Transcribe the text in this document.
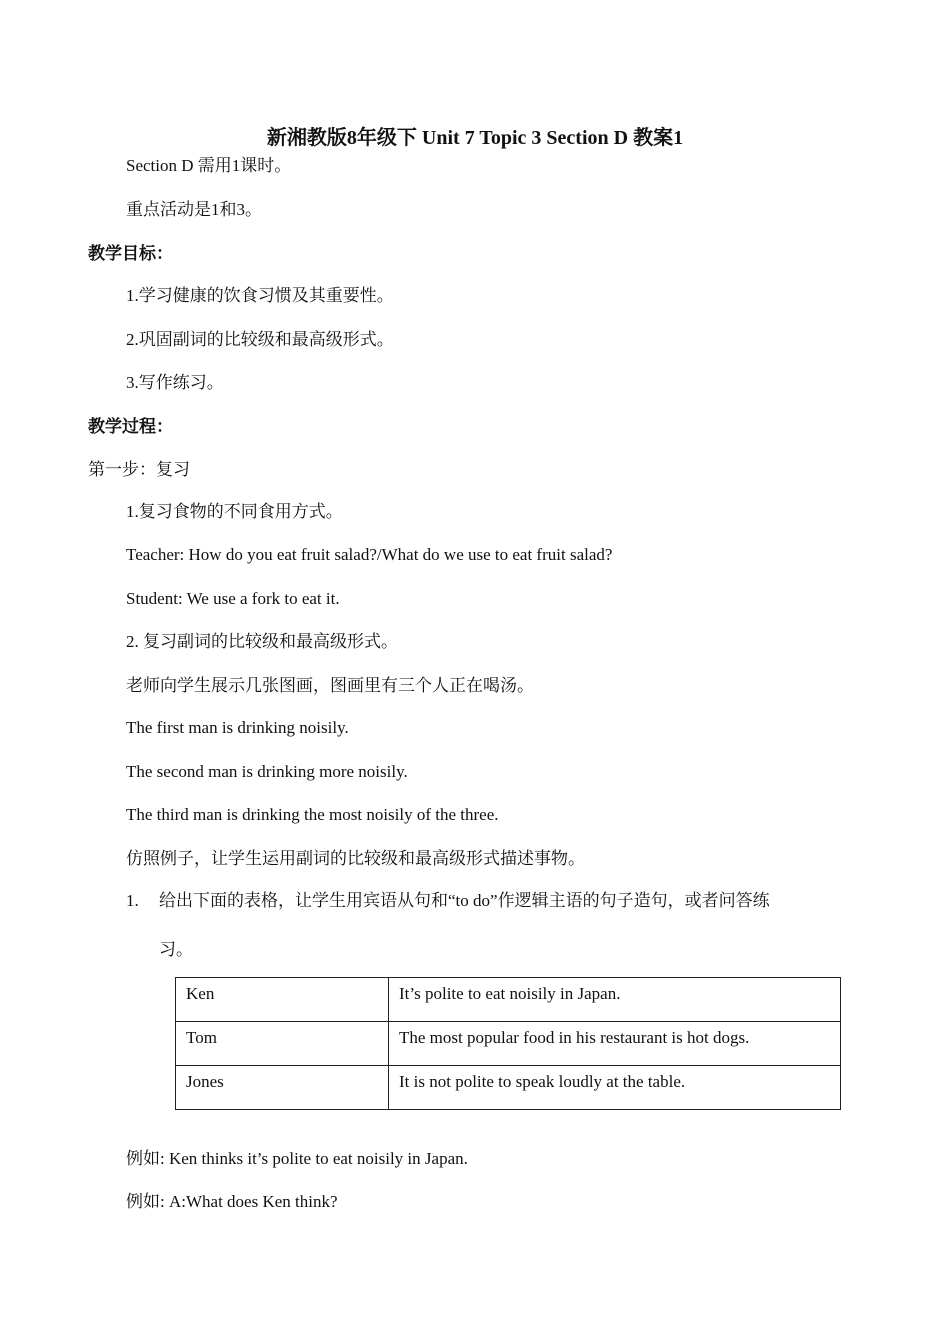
新湘教版8年级下 Unit 7 Topic 3 Section D 教案1
Section D 需用1课时。
重点活动是1和3。
教学目标：
1.学习健康的饮食习惯及其重要性。
2.巩固副词的比较级和最高级形式。
3.写作练习。
教学过程：
第一步：复习
1.复习食物的不同食用方式。
Teacher: How do you eat fruit salad?/What do we use to eat fruit salad?
Student: We use a fork to eat it.
2. 复习副词的比较级和最高级形式。
老师向学生展示几张图画，图画里有三个人正在喝汤。
The first man is drinking noisily.
The second man is drinking more noisily.
The third man is drinking the most noisily of the three.
仿照例子，让学生运用副词的比较级和最高级形式描述事物。
1. 给出下面的表格，让学生用宾语从句和“to do”作逻辑主语的句子造句，或者问答练
习。
Ken	It’s polite to eat noisily in Japan.
Tom	The most popular food in his restaurant is hot dogs.
Jones	It is not polite to speak loudly at the table.
例如: Ken thinks it’s polite to eat noisily in Japan.
例如: A:What does Ken think?
